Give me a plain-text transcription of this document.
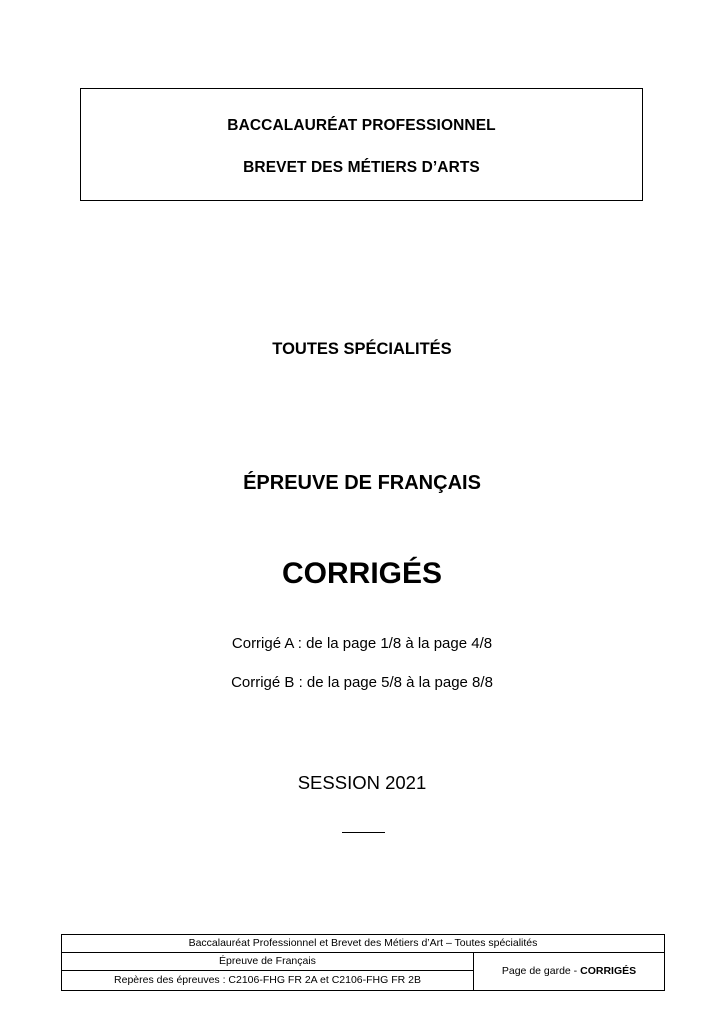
BACCALAURÉAT PROFESSIONNEL
BREVET DES MÉTIERS D’ARTS
TOUTES SPÉCIALITÉS
ÉPREUVE DE FRANÇAIS
CORRIGÉS
Corrigé A : de la page 1/8 à la page 4/8
Corrigé B : de la page 5/8 à la page 8/8
SESSION 2021
Baccalauréat Professionnel et Brevet des Métiers d’Art – Toutes spécialités
Épreuve de Français
Repères des épreuves : C2106-FHG FR 2A et C2106-FHG FR 2B
Page de garde - CORRIGÉS
